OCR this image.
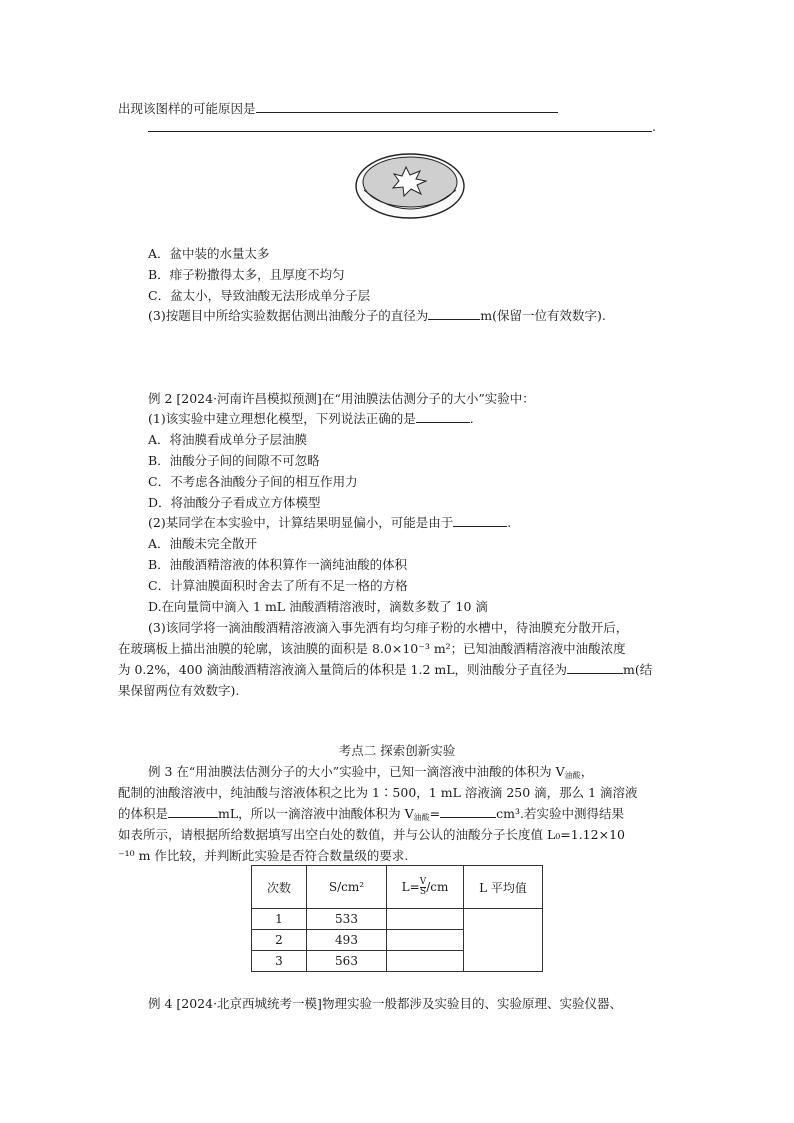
出现该图样的可能原因是
.
A．盆中装的水量太多
B．痱子粉撒得太多，且厚度不均匀
C．盆太小，导致油酸无法形成单分子层
(3)按题目中所给实验数据估测出油酸分子的直径为	m(保留一位有效数字).
例 2 [2024·河南许昌模拟预测]在“用油膜法估测分子的大小”实验中：
(1)该实验中建立理想化模型，下列说法正确的是	.
A．将油膜看成单分子层油膜
B．油酸分子间的间隙不可忽略
C．不考虑各油酸分子间的相互作用力
D．将油酸分子看成立方体模型
(2)某同学在本实验中，计算结果明显偏小，可能是由于	.
A．油酸未完全散开
B．油酸酒精溶液的体积算作一滴纯油酸的体积
C．计算油膜面积时舍去了所有不足一格的方格
D.在向量筒中滴入 1 mL 油酸酒精溶液时，滴数多数了 10 滴
(3)该同学将一滴油酸酒精溶液滴入事先洒有均匀痱子粉的水槽中，待油膜充分散开后，
在玻璃板上描出油膜的轮廓，该油膜的面积是 8.0×10⁻³ m²；已知油酸酒精溶液中油酸浓度
为 0.2%，400 滴油酸酒精溶液滴入量筒后的体积是 1.2 mL，则油酸分子直径为	m(结
果保留两位有效数字).
考点二 探索创新实验
例 3 在“用油膜法估测分子的大小”实验中，已知一滴溶液中油酸的体积为 $V_{油酸}$，
配制的油酸溶液中，纯油酸与溶液体积之比为 1∶500，1 mL 溶液滴 250 滴，那么 1 滴溶液
的体积是	mL，所以一滴溶液中油酸体积为 $V_{油酸}=$	cm³.若实验中测得结果
如表所示，请根据所给数据填写出空白处的数值，并与公认的油酸分子长度值 L₀=1.12×10
⁻¹⁰ m 作比较，并判断此实验是否符合数量级的要求.
次数	S/cm²	$L= \frac{V}{S} /cm$	L 平均值
1	533		
2	493		
3	563		
例 4 [2024·北京西城统考一模]物理实验一般都涉及实验目的、实验原理、实验仪器、
